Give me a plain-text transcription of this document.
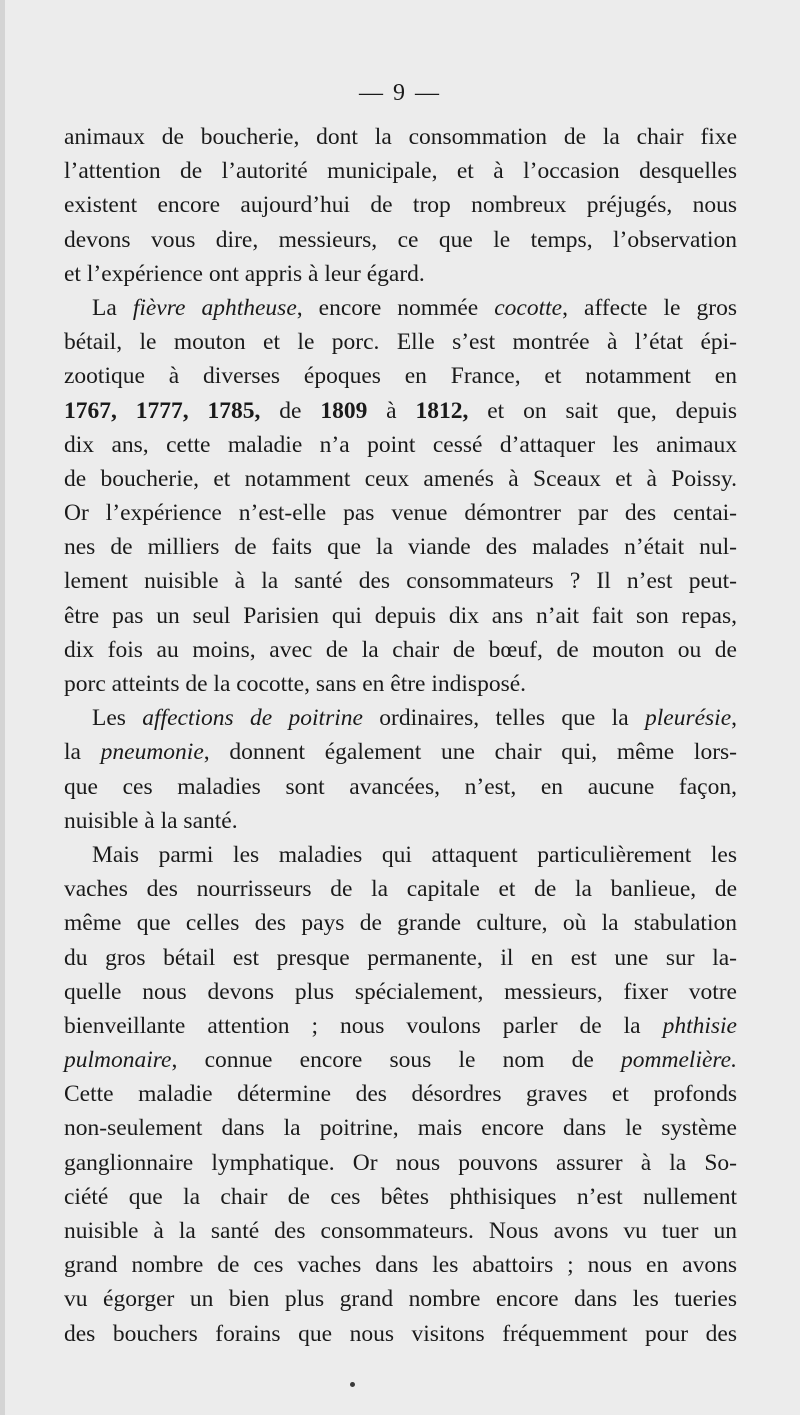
— 9 —
animaux de boucherie, dont la consommation de la chair fixe
l’attention de l’autorité municipale, et à l’occasion desquelles
existent encore aujourd’hui de trop nombreux préjugés, nous
devons vous dire, messieurs, ce que le temps, l’observation
et l’expérience ont appris à leur égard.
La fièvre aphtheuse, encore nommée cocotte, affecte le gros
bétail, le mouton et le porc. Elle s’est montrée à l’état épi-
zootique à diverses époques en France, et notamment en
1767, 1777, 1785, de 1809 à 1812, et on sait que, depuis
dix ans, cette maladie n’a point cessé d’attaquer les animaux
de boucherie, et notamment ceux amenés à Sceaux et à Poissy.
Or l’expérience n’est-elle pas venue démontrer par des centai-
nes de milliers de faits que la viande des malades n’était nul-
lement nuisible à la santé des consommateurs ? Il n’est peut-
être pas un seul Parisien qui depuis dix ans n’ait fait son repas,
dix fois au moins, avec de la chair de bœuf, de mouton ou de
porc atteints de la cocotte, sans en être indisposé.
Les affections de poitrine ordinaires, telles que la pleurésie,
la pneumonie, donnent également une chair qui, même lors-
que ces maladies sont avancées, n’est, en aucune façon,
nuisible à la santé.
Mais parmi les maladies qui attaquent particulièrement les
vaches des nourrisseurs de la capitale et de la banlieue, de
même que celles des pays de grande culture, où la stabulation
du gros bétail est presque permanente, il en est une sur la-
quelle nous devons plus spécialement, messieurs, fixer votre
bienveillante attention ; nous voulons parler de la phthisie
pulmonaire, connue encore sous le nom de pommelière.
Cette maladie détermine des désordres graves et profonds
non-seulement dans la poitrine, mais encore dans le système
ganglionnaire lymphatique. Or nous pouvons assurer à la So-
ciété que la chair de ces bêtes phthisiques n’est nullement
nuisible à la santé des consommateurs. Nous avons vu tuer un
grand nombre de ces vaches dans les abattoirs ; nous en avons
vu égorger un bien plus grand nombre encore dans les tueries
des bouchers forains que nous visitons fréquemment pour des
